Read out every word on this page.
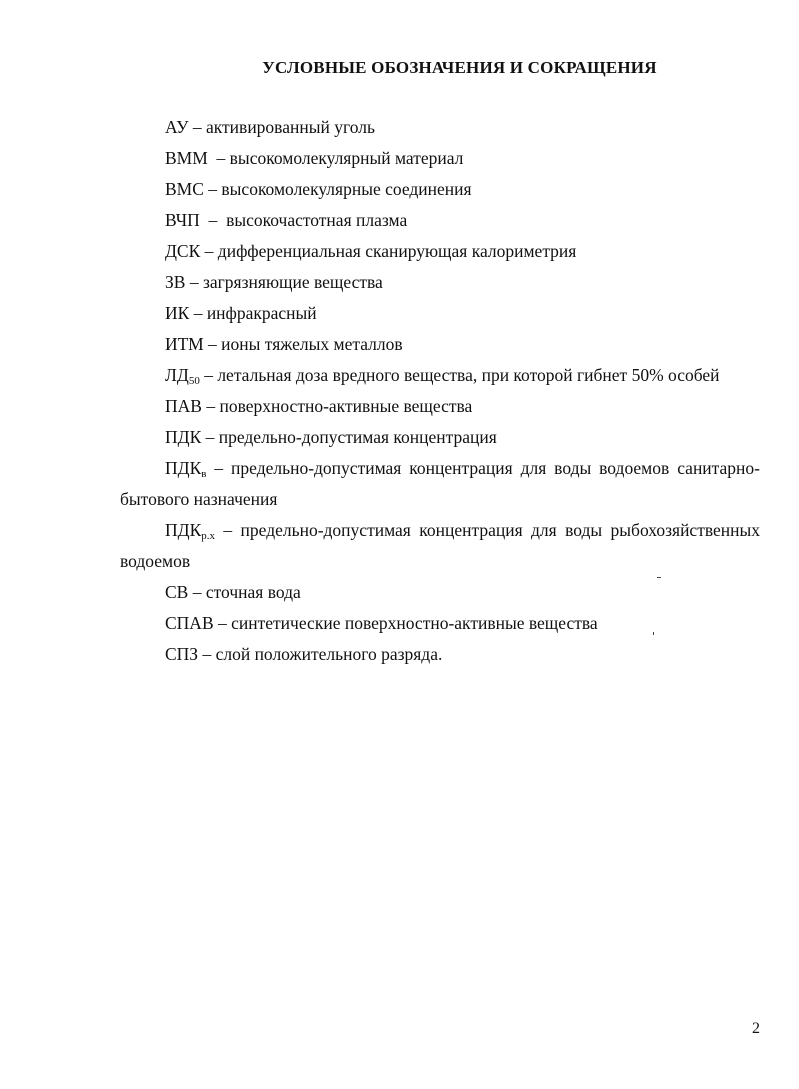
УСЛОВНЫЕ ОБОЗНАЧЕНИЯ И СОКРАЩЕНИЯ
АУ – активированный уголь
ВММ  – высокомолекулярный материал
ВМС – высокомолекулярные соединения
ВЧП  –  высокочастотная плазма
ДСК – дифференциальная сканирующая калориметрия
ЗВ – загрязняющие вещества
ИК – инфракрасный
ИТМ – ионы тяжелых металлов
$ЛД_{50}$ – летальная доза вредного вещества, при которой гибнет 50% особей
ПАВ – поверхностно-активные вещества
ПДК – предельно-допустимая концентрация
$ПДК_в$ – предельно-допустимая концентрация для воды водоемов санитарно-бытового назначения
$ПДК_{р.х}$ – предельно-допустимая концентрация для воды рыбохозяйственных водоемов
СВ – сточная вода
СПАВ – синтетические поверхностно-активные вещества
СПЗ – слой положительного разряда.
2
